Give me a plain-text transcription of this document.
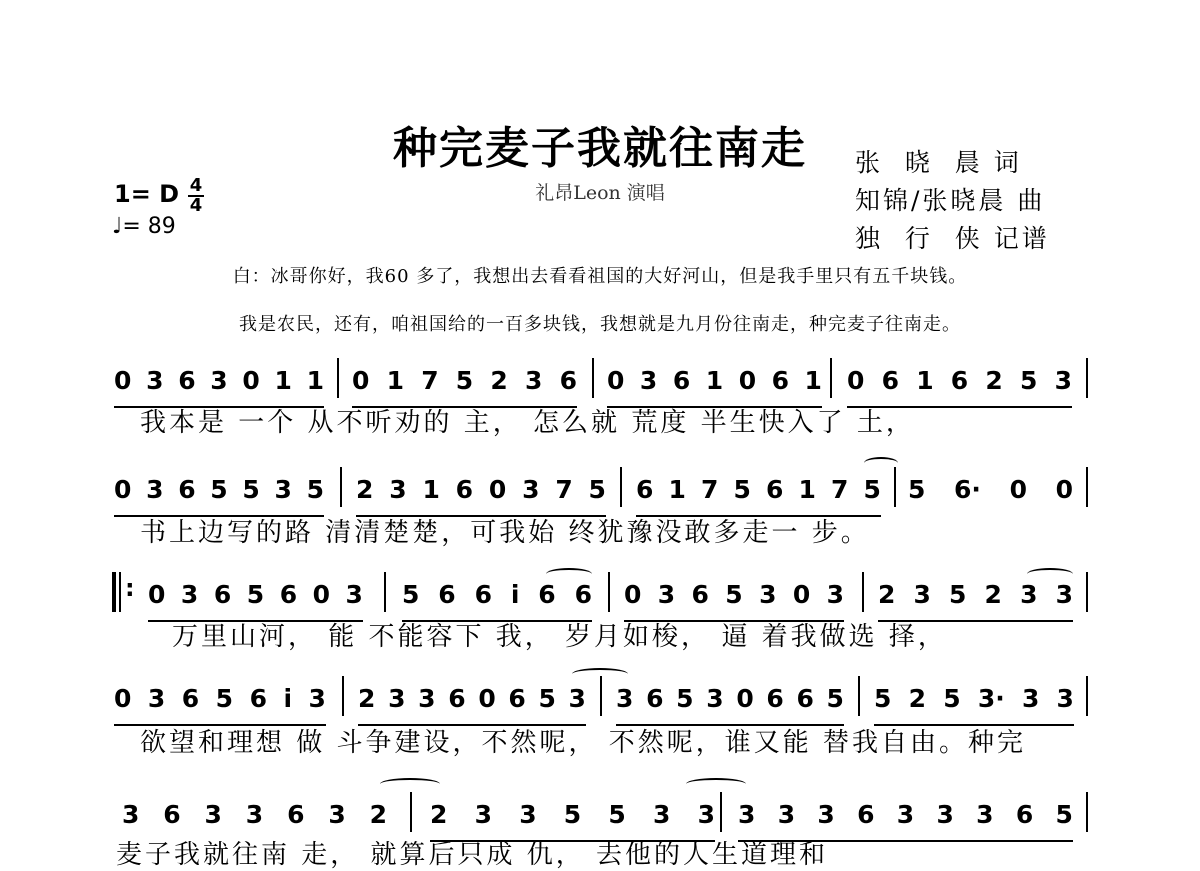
种完麦子我就往南走
礼昂Leon 演唱
张  晓  晨 词
知锦/张晓晨 曲
独  行  侠 记谱
1= D 4
4
♩= 89
白：冰哥你好，我60 多了，我想出去看看祖国的大好河山，但是我手里只有五千块钱。
我是农民，还有，咱祖国给的一百多块钱，我想就是九月份往南走，种完麦子往南走。
0 3 6 3 0 1 1 0 1 7 5 2 3 6 0 3 6 1 0 6 1 0 6 1 6 2 5 3
我本是 一个 从不听劝的 主， 怎么就 荒度 半生快入了 土，
0 3 6 5 5 3 5 2 3 1 6 0 3 7 5 6 1 7 5 6 1 7 5 5 6· 0 0
书上边写的路 清清楚楚，可我始 终犹豫没敢多走一 步。
: 0 3 6 5 6 0 3 5 6 6 i 6 6 0 3 6 5 3 0 3 2 3 5 2 3 3
万里山河， 能 不能容下 我， 岁月如梭， 逼 着我做选 择，
0 3 6 5 6 i 3 2 3 3 6 0 6 5 3 3 6 5 3 0 6 6 5 5 2 5 3· 3 3
欲望和理想 做 斗争建设，不然呢， 不然呢，谁又能 替我自由。种完
3 6 3 3 6 3 2 2 3 3 5 5 3 3 3 3 3 6 3 3 3 6 5
麦子我就往南 走， 就算后只成 仇， 去他的人生道理和
